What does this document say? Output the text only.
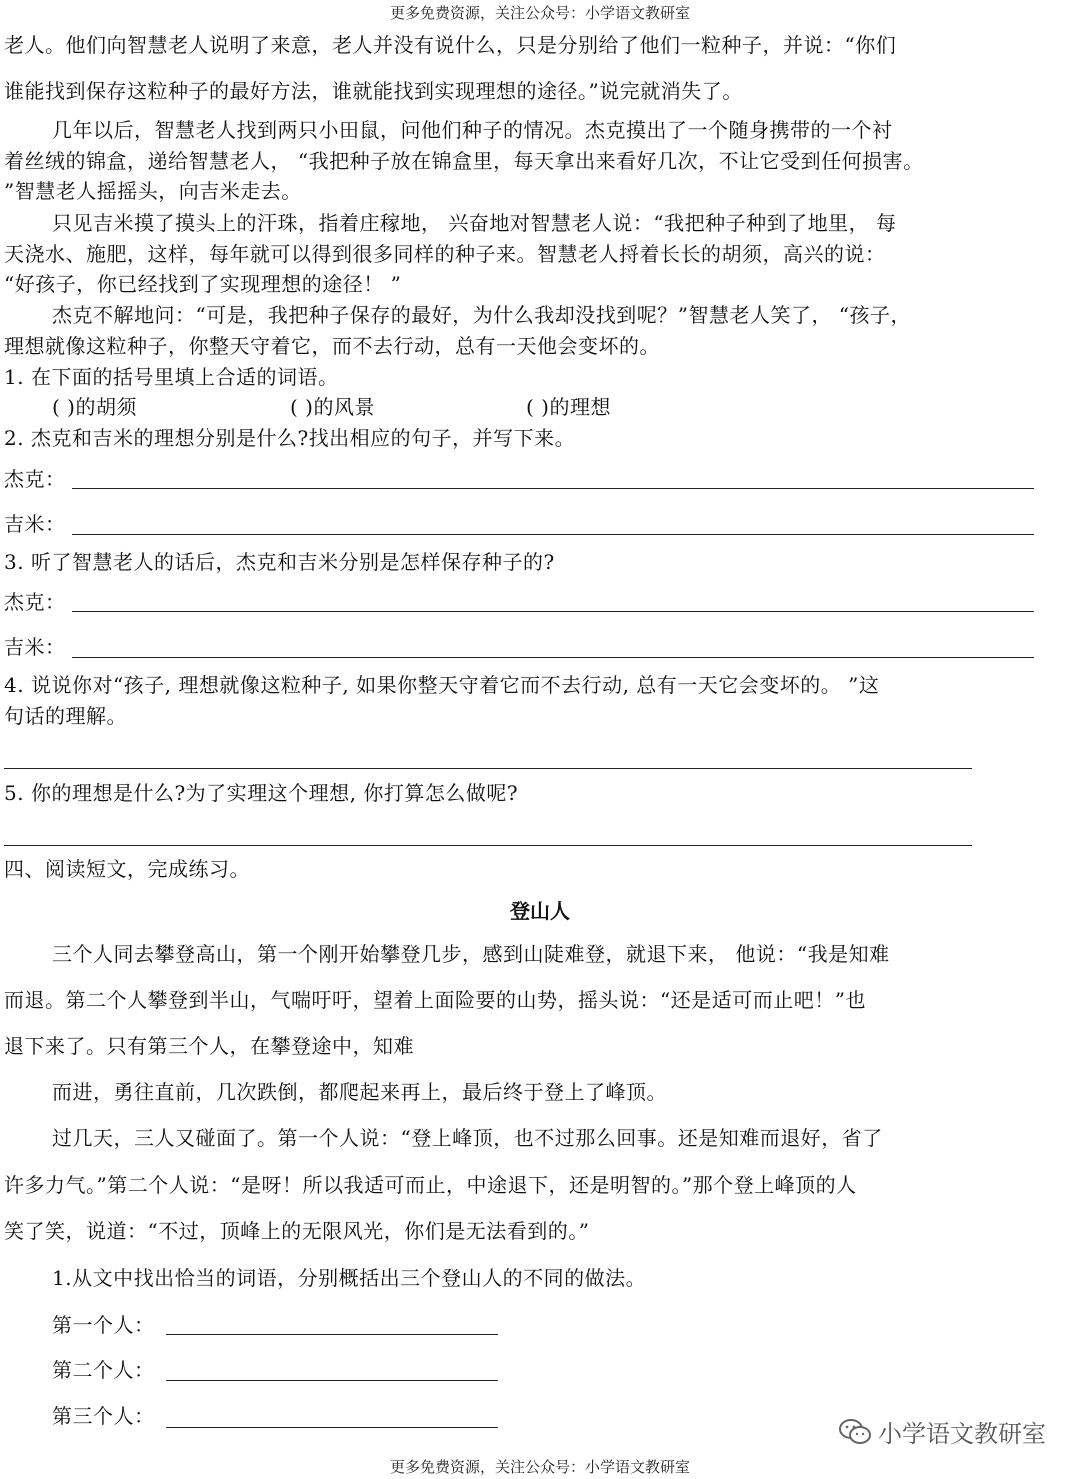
更多免费资源，关注公众号：小学语文教研室
老人。他们向智慧老人说明了来意，老人并没有说什么，只是分别给了他们一粒种子，并说：“你们
谁能找到保存这粒种子的最好方法，谁就能找到实现理想的途径。”说完就消失了。
几年以后，智慧老人找到两只小田鼠，问他们种子的情况。杰克摸出了一个随身携带的一个衬
着丝绒的锦盒，递给智慧老人， “我把种子放在锦盒里，每天拿出来看好几次，不让它受到任何损害。
”智慧老人摇摇头，向吉米走去。
只见吉米摸了摸头上的汗珠，指着庄稼地， 兴奋地对智慧老人说：“我把种子种到了地里， 每
天浇水、施肥，这样，每年就可以得到很多同样的种子来。智慧老人捋着长长的胡须，高兴的说：
“好孩子，你已经找到了实现理想的途径！ ”
杰克不解地问：“可是，我把种子保存的最好，为什么我却没找到呢？”智慧老人笑了， “孩子，
理想就像这粒种子，你整天守着它，而不去行动，总有一天他会变坏的。
1. 在下面的括号里填上合适的词语。
( )的胡须	( )的风景	( )的理想
2. 杰克和吉米的理想分别是什么?找出相应的句子，并写下来。
杰克：
吉米：
3. 听了智慧老人的话后，杰克和吉米分别是怎样保存种子的?
杰克：
吉米：
4. 说说你对“孩子, 理想就像这粒种子, 如果你整天守着它而不去行动, 总有一天它会变坏的。 ”这
句话的理解。
5. 你的理想是什么?为了实理这个理想, 你打算怎么做呢?
四、阅读短文，完成练习。
登山人
三个人同去攀登高山，第一个刚开始攀登几步，感到山陡难登，就退下来， 他说：“我是知难
而退。第二个人攀登到半山，气喘吁吁，望着上面险要的山势，摇头说：“还是适可而止吧！”也
退下来了。只有第三个人，在攀登途中，知难
而进，勇往直前，几次跌倒，都爬起来再上，最后终于登上了峰顶。
过几天，三人又碰面了。第一个人说：“登上峰顶，也不过那么回事。还是知难而退好，省了
许多力气。”第二个人说：“是呀！所以我适可而止，中途退下，还是明智的。”那个登上峰顶的人
笑了笑，说道：“不过，顶峰上的无限风光，你们是无法看到的。”
1.从文中找出恰当的词语，分别概括出三个登山人的不同的做法。
第一个人：
第二个人：
第三个人：
小学语文教研室
更多免费资源，关注公众号：小学语文教研室
